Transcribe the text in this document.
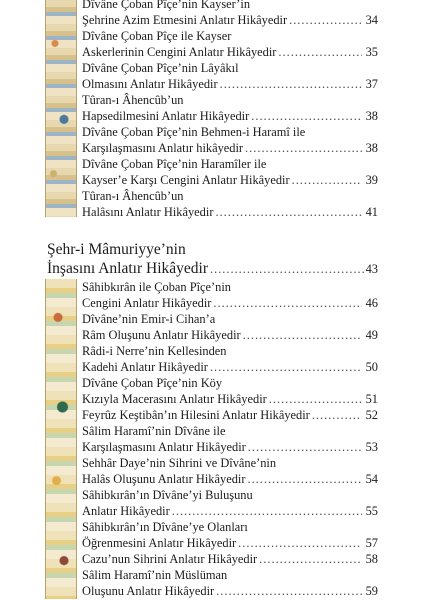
Dîvâne Çoban Pîçe’nin Kayser’in
Şehrine Azim Etmesini Anlatır Hikâyedir .....	34
Dîvâne Çoban Pîçe ile Kayser
Askerlerinin Cengini Anlatır Hikâyedir .....	35
Dîvâne Çoban Pîçe’nin Lâyâkıl
Olmasını Anlatır Hikâyedir .....	37
Tûran-ı Âhencûb’un
Hapsedilmesini Anlatır Hikâyedir .....	38
Dîvâne Çoban Pîçe’nin Behmen-i Haramî ile
Karşılaşmasını Anlatır hikâyedir .....	38
Dîvâne Çoban Pîçe’nin Haramîler ile
Kayser’e Karşı Cengini Anlatır Hikâyedir .....	39
Tûran-ı Âhencûb’un
Halâsını Anlatır Hikâyedir .....	41
Sâhibkırân ile Çoban Pîçe’nin
Cengini Anlatır Hikâyedir .....	46
Dîvâne’nin Emir-i Cihan’a
Râm Oluşunu Anlatır Hikâyedir .....	49
Râdi-i Nerre’nin Kellesinden
Kadehi Anlatır Hikâyedir .....	50
Dîvâne Çoban Pîçe’nin Köy
Kızıyla Macerasını Anlatır Hikâyedir .....	51
Feyrûz Keştibân’ın Hilesini Anlatır Hikâyedir .....	52
Sâlim Haramî’nin Dîvâne ile
Karşılaşmasını Anlatır Hikâyedir .....	53
Sehhâr Daye’nin Sihrini ve Dîvâne’nin
Halâs Oluşunu Anlatır Hikâyedir .....	54
Sâhibkırân’ın Dîvâne’yi Buluşunu
Anlatır Hikâyedir .....	55
Sâhibkırân’ın Dîvâne’ye Olanları
Öğrenmesini Anlatır Hikâyedir .....	57
Cazu’nun Sihrini Anlatır Hikâyedir .....	58
Sâlim Haramî’nin Müslüman
Oluşunu Anlatır Hikâyedir .....	59
Şehr-i Mâmuriyye’nin
İnşasını Anlatır Hikâyedir .....	43
